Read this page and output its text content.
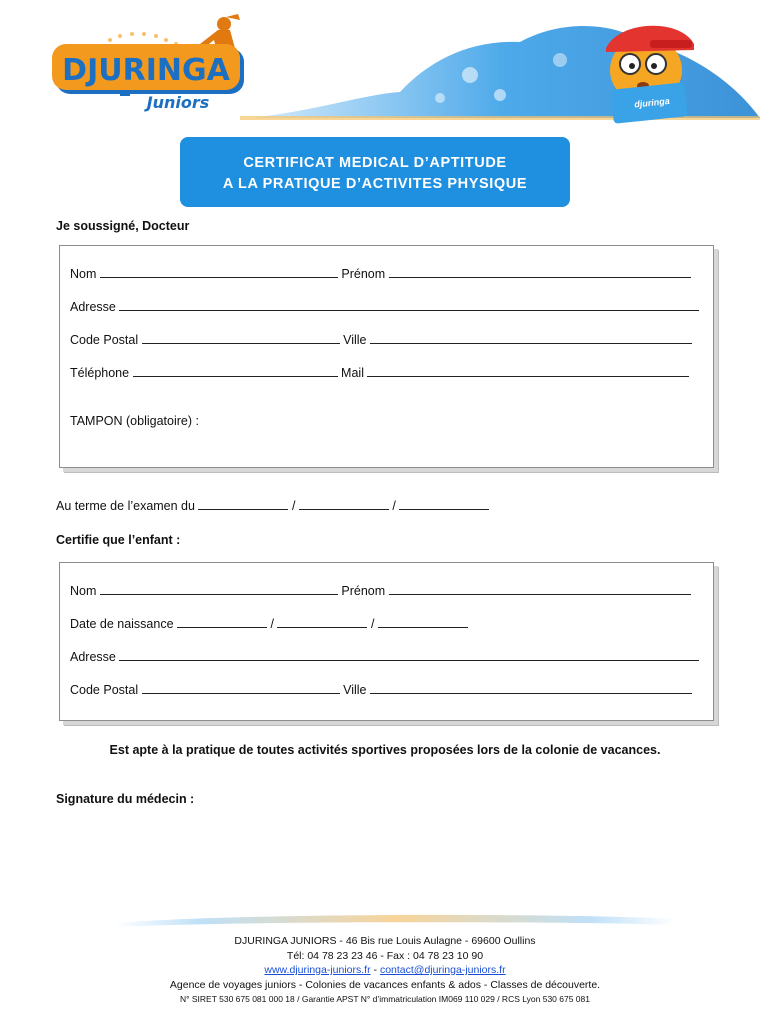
DJURINGA
Juniors	djuringa
CERTIFICAT MEDICAL D’APTITUDE
A LA PRATIQUE D’ACTIVITES PHYSIQUE
Je soussigné, Docteur
Nom	Prénom
Adresse
Code Postal	Ville
Téléphone	Mail
TAMPON (obligatoire) :
Au terme de l’examen du	/	/
Certifie que l’enfant :
Nom	Prénom
Date de naissance	/	/
Adresse
Code Postal	Ville
Est apte à la pratique de toutes activités sportives proposées lors de la colonie de vacances.
Signature du médecin :
DJURINGA JUNIORS - 46 Bis rue Louis Aulagne - 69600 Oullins
Tél: 04 78 23 23 46 - Fax : 04 78 23 10 90
www.djuringa-juniors.fr - contact@djuringa-juniors.fr
Agence de voyages juniors - Colonies de vacances enfants & ados - Classes de découverte.
N° SIRET 530 675 081 000 18 / Garantie APST N° d’immatriculation IM069 110 029 / RCS Lyon 530 675 081
